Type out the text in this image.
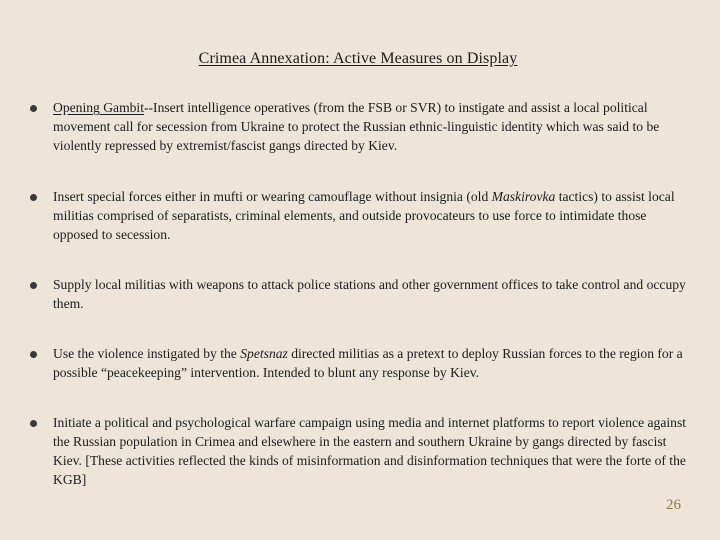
Crimea Annexation: Active Measures on Display
Opening Gambit--Insert intelligence operatives (from the FSB or SVR) to instigate and assist a local political movement call for secession from Ukraine to protect the Russian ethnic-linguistic identity which was said to be violently repressed by extremist/fascist gangs directed by Kiev.
Insert special forces either in mufti or wearing camouflage without insignia (old Maskirovka tactics) to assist local militias comprised of separatists, criminal elements, and outside provocateurs to use force to intimidate those opposed to secession.
Supply local militias with weapons to attack police stations and other government offices to take control and occupy them.
Use the violence instigated by the Spetsnaz directed militias as a pretext to deploy Russian forces to the region for a possible “peacekeeping” intervention. Intended to blunt any response by Kiev.
Initiate a political and psychological warfare campaign using media and internet platforms to report violence against the Russian population in Crimea and elsewhere in the eastern and southern Ukraine by gangs directed by fascist Kiev. [These activities reflected the kinds of misinformation and disinformation techniques that were the forte of the KGB]
26
